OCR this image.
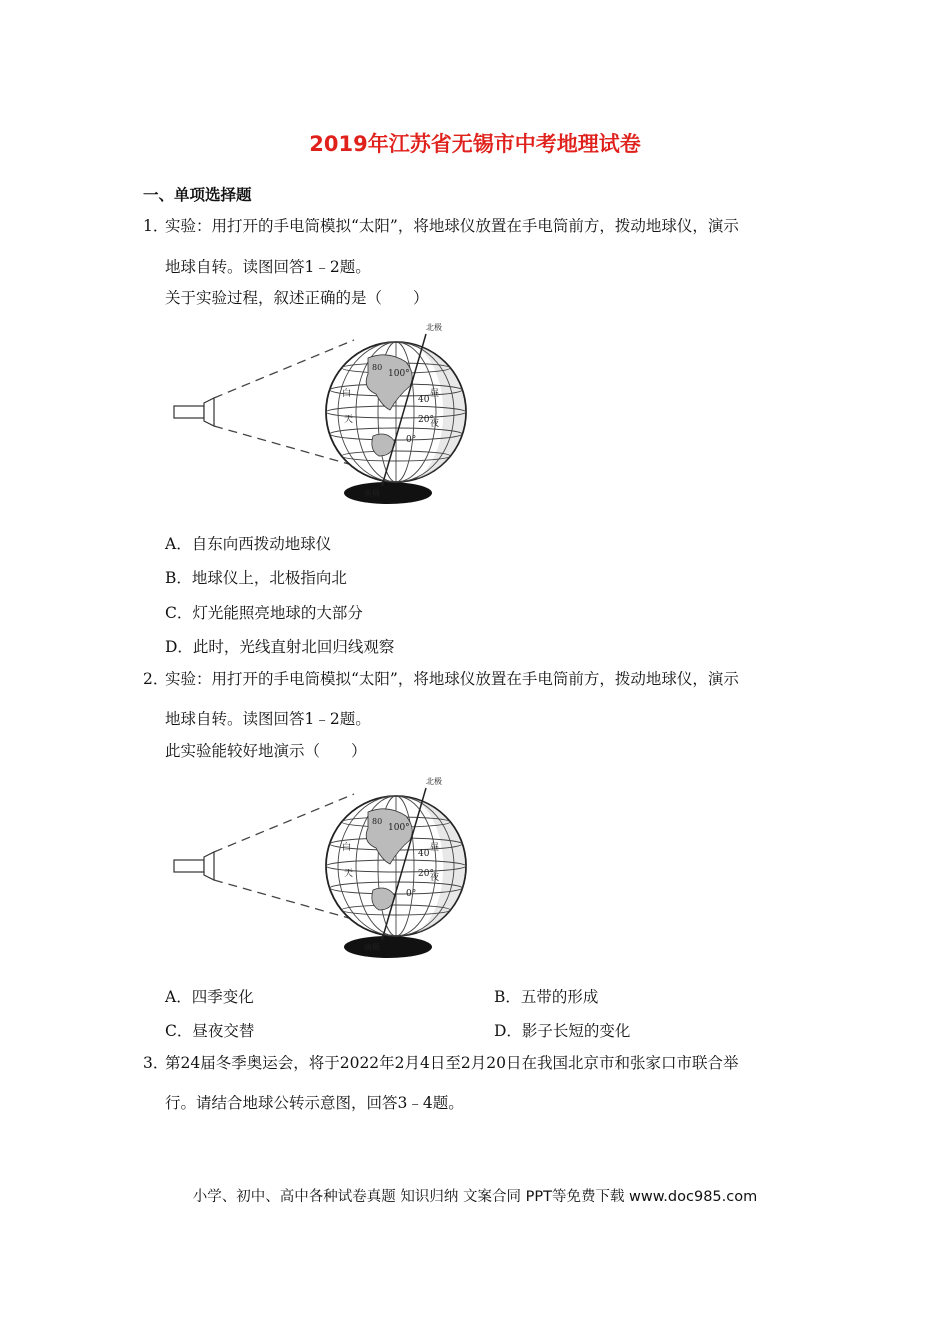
2019年江苏省无锡市中考地理试卷
一、单项选择题
1．
实验：用打开的手电筒模拟“太阳”，将地球仪放置在手电筒前方，拨动地球仪，演示
地球自转。读图回答1﹣2题。
关于实验过程，叙述正确的是（　　）
北极
南极
白
天
昼
夜
100°
80
40
20°
0°
A．自东向西拨动地球仪
B．地球仪上，北极指向北
C．灯光能照亮地球的大部分
D．此时，光线直射北回归线观察
2．
实验：用打开的手电筒模拟“太阳”，将地球仪放置在手电筒前方，拨动地球仪，演示
地球自转。读图回答1﹣2题。
此实验能较好地演示（　　）
北极
南极
白
天
昼
夜
100°
80
40
20°
0°
A．四季变化	B．五带的形成
C．昼夜交替	D．影子长短的变化
3．
第24届冬季奥运会，将于2022年2月4日至2月20日在我国北京市和张家口市联合举
行。请结合地球公转示意图，回答3﹣4题。
小学、初中、高中各种试卷真题 知识归纳 文案合同 PPT等免费下载 www.doc985.com
